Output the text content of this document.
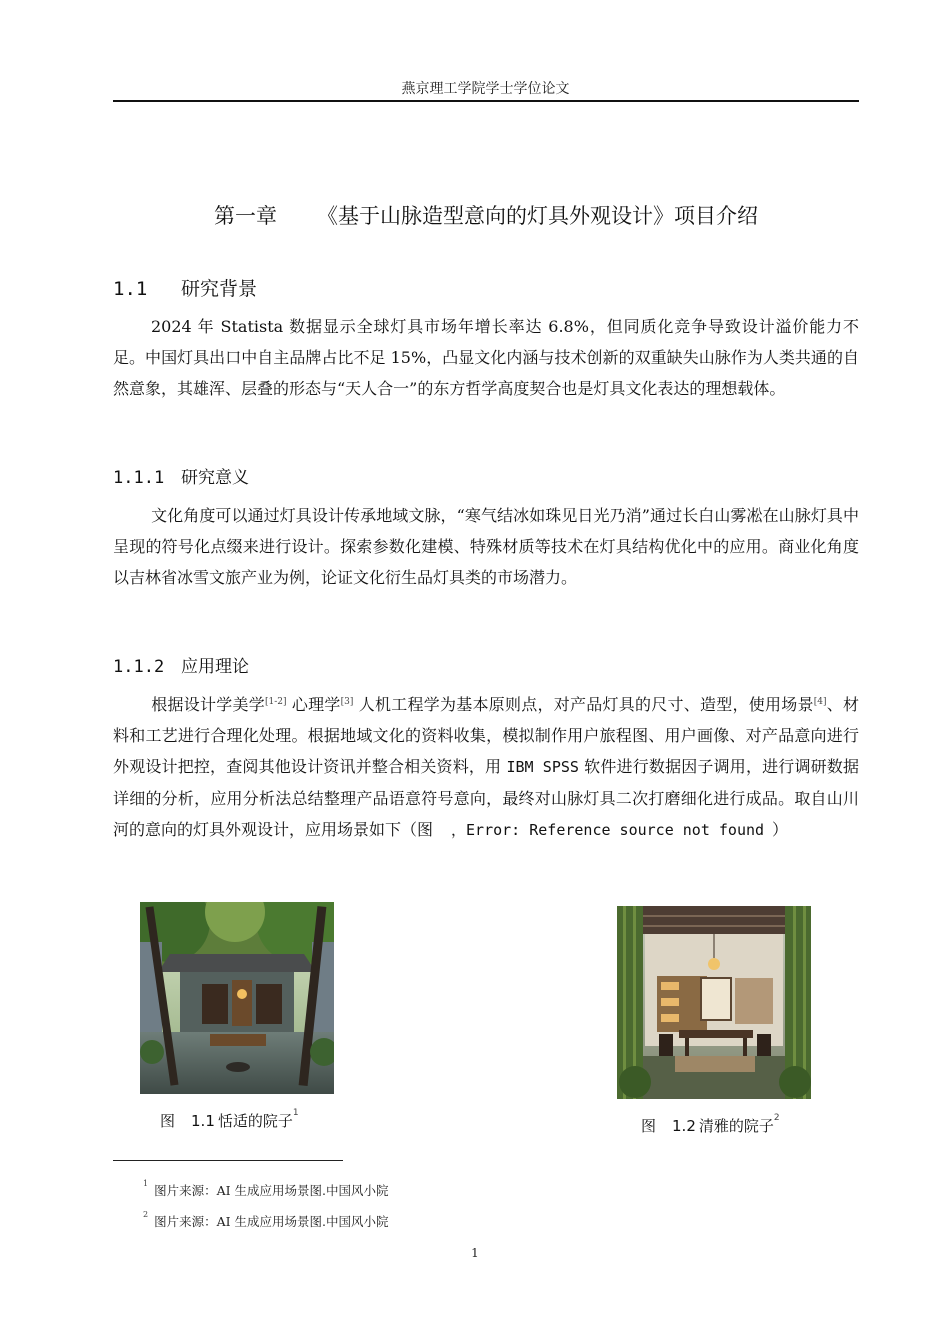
燕京理工学院学士学位论文
第一章 《基于山脉造型意向的灯具外观设计》项目介绍
1.1 研究背景

2024 年 Statista 数据显示全球灯具市场年增长率达 6.8%，但同质化竞争导致设计溢价能力不足。中国灯具出口中自主品牌占比不足 15%，凸显文化内涵与技术创新的双重缺失山脉作为人类共通的自然意象，其雄浑、层叠的形态与“天人合一”的东方哲学高度契合也是灯具文化表达的理想载体。

1.1.1 研究意义

文化角度可以通过灯具设计传承地域文脉，“寒气结冰如珠见日光乃消”通过长白山雾凇在山脉灯具中呈现的符号化点缀来进行设计。探索参数化建模、特殊材质等技术在灯具结构优化中的应用。商业化角度以吉林省冰雪文旅产业为例，论证文化衍生品灯具类的市场潜力。

1.1.2 应用理论

根据设计学美学[1-2] 心理学[3] 人机工程学为基本原则点，对产品灯具的尺寸、造型，使用场景[4]、材料和工艺进行合理化处理。根据地域文化的资料收集，模拟制作用户旅程图、用户画像、对产品意向进行外观设计把控，查阅其他设计资讯并整合相关资料，用 IBM SPSS 软件进行数据因子调用，进行调研数据详细的分析，应用分析法总结整理产品语意符号意向，最终对山脉灯具二次打磨细化进行成品。取自山川河的意向的灯具外观设计，应用场景如下（图 ，Error: Reference source not found ）

图 1.1 恬适的院子$^1$
图 1.2 清雅的院子$^2$
$^1$ 图片来源：AI 生成应用场景图.中国风小院
$^2$ 图片来源：AI 生成应用场景图.中国风小院
1
